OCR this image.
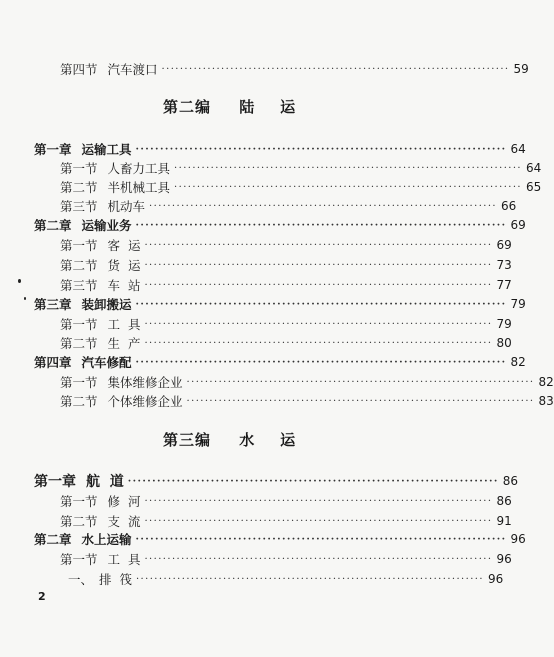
第四节 汽车渡口 ············································································ 59
第二编 陆    运
第一章 运输工具 ············································································ 64
第一节 人畜力工具 ············································································ 64
第二节 半机械工具 ············································································ 65
第三节 机动车 ············································································ 66
第二章 运输业务 ············································································ 69
第一节 客  运 ············································································ 69
第二节 货  运 ············································································ 73
第三节 车  站 ············································································ 77
第三章 装卸搬运 ············································································ 79
第一节 工  具 ············································································ 79
第二节 生  产 ············································································ 80
第四章 汽车修配 ············································································ 82
第一节 集体维修企业 ············································································ 82
第二节 个体维修企业 ············································································ 83
第三编 水    运
第一章 航  道 ············································································ 86
第一节 修  河 ············································································ 86
第二节 支  流 ············································································ 91
第二章 水上运输 ············································································ 96
第一节 工  具 ············································································ 96
一、 排  筏 ············································································ 96
2
